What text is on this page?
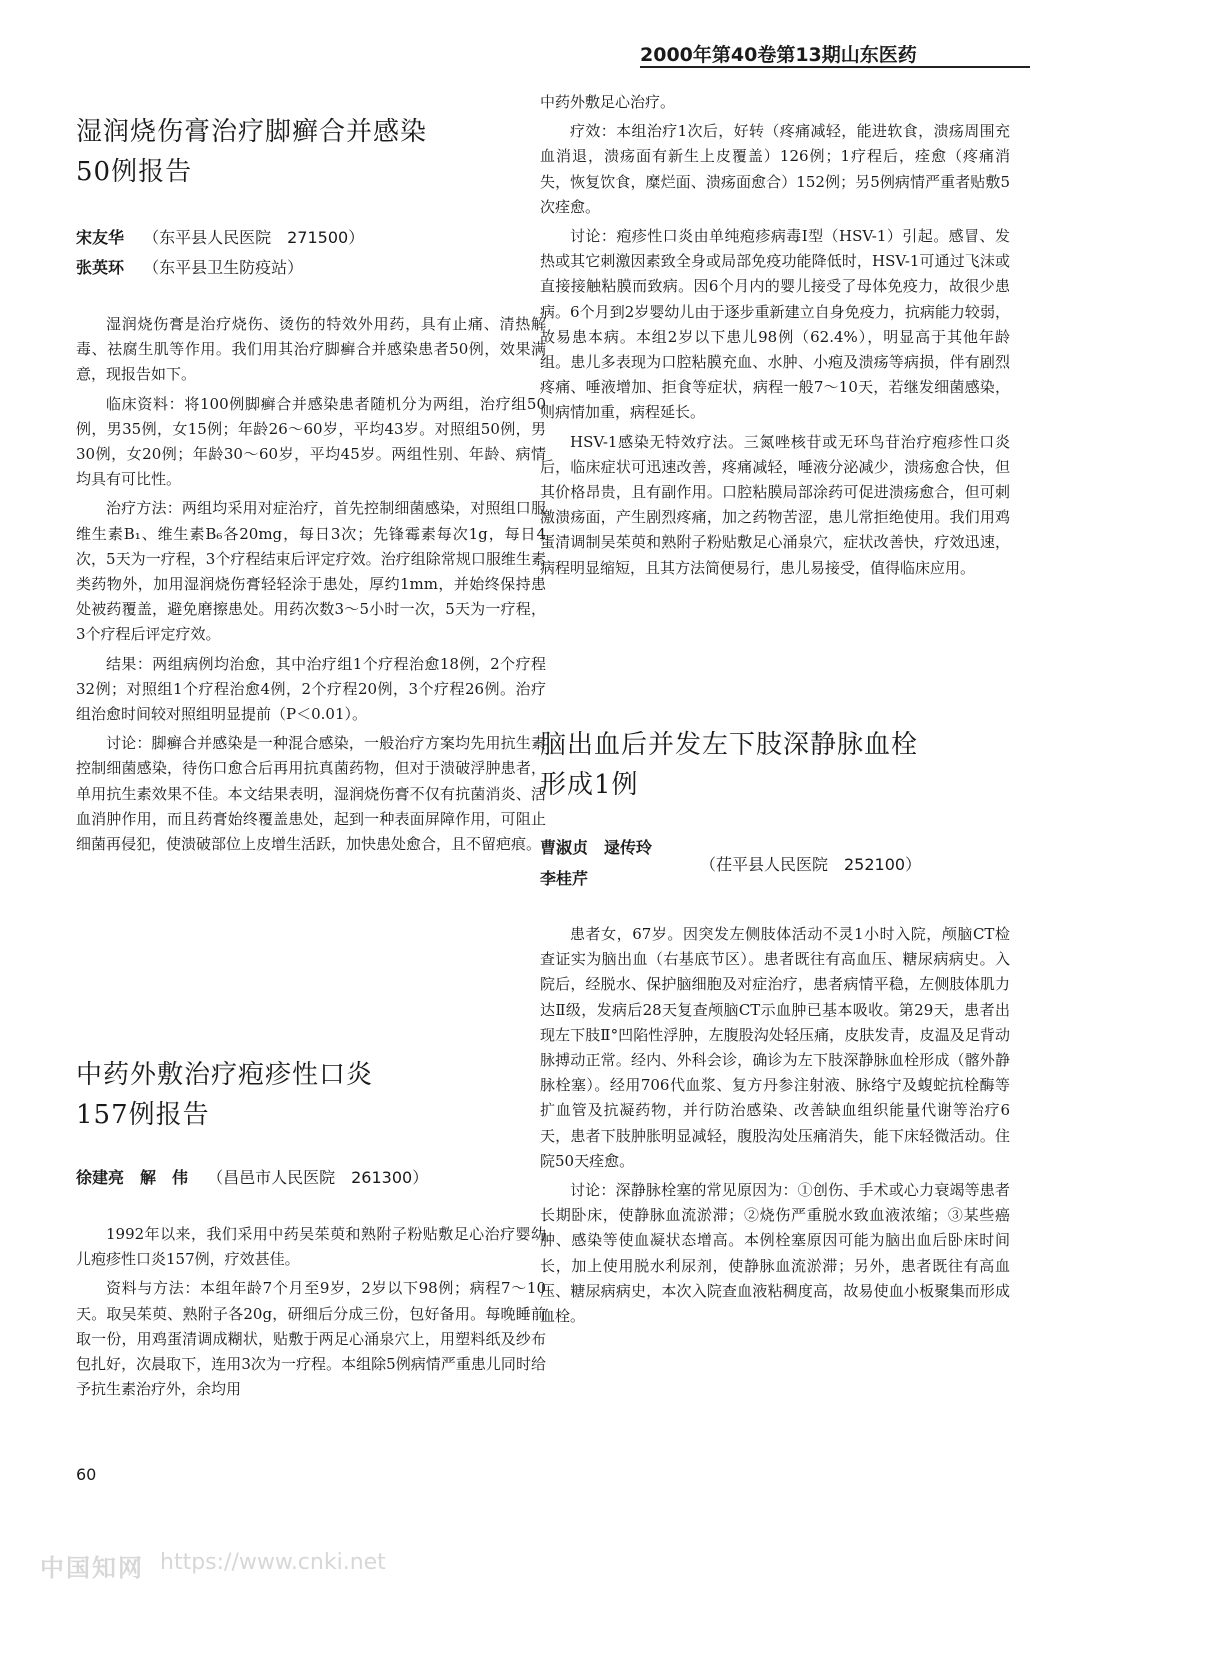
2000年第40卷第13期山东医药
湿润烧伤膏治疗脚癣合并感染
50例报告
宋友华 （东平县人民医院　271500）
张英环 （东平县卫生防疫站）

湿润烧伤膏是治疗烧伤、烫伤的特效外用药，具有止痛、清热解毒、祛腐生肌等作用。我们用其治疗脚癣合并感染患者50例，效果满意，现报告如下。

临床资料：将100例脚癣合并感染患者随机分为两组，治疗组50例，男35例，女15例；年龄26～60岁，平均43岁。对照组50例，男30例，女20例；年龄30～60岁，平均45岁。两组性别、年龄、病情均具有可比性。

治疗方法：两组均采用对症治疗，首先控制细菌感染，对照组口服维生素B₁、维生素B₆各20mg，每日3次；先锋霉素每次1g，每日4次，5天为一疗程，3个疗程结束后评定疗效。治疗组除常规口服维生素类药物外，加用湿润烧伤膏轻轻涂于患处，厚约1mm，并始终保持患处被药覆盖，避免磨擦患处。用药次数3～5小时一次，5天为一疗程，3个疗程后评定疗效。

结果：两组病例均治愈，其中治疗组1个疗程治愈18例，2个疗程32例；对照组1个疗程治愈4例，2个疗程20例，3个疗程26例。治疗组治愈时间较对照组明显提前（P＜0.01）。

讨论：脚癣合并感染是一种混合感染，一般治疗方案均先用抗生素控制细菌感染，待伤口愈合后再用抗真菌药物，但对于溃破浮肿患者，单用抗生素效果不佳。本文结果表明，湿润烧伤膏不仅有抗菌消炎、活血消肿作用，而且药膏始终覆盖患处，起到一种表面屏障作用，可阻止细菌再侵犯，使溃破部位上皮增生活跃，加快患处愈合，且不留疤痕。

中药外敷治疗疱疹性口炎
157例报告
徐建亮　解　伟 （昌邑市人民医院　261300）

1992年以来，我们采用中药吴茱萸和熟附子粉贴敷足心治疗婴幼儿疱疹性口炎157例，疗效甚佳。

资料与方法：本组年龄7个月至9岁，2岁以下98例；病程7～10天。取吴茱萸、熟附子各20g，研细后分成三份，包好备用。每晚睡前取一份，用鸡蛋清调成糊状，贴敷于两足心涌泉穴上，用塑料纸及纱布包扎好，次晨取下，连用3次为一疗程。本组除5例病情严重患儿同时给予抗生素治疗外，余均用

60

中药外敷足心治疗。

疗效：本组治疗1次后，好转（疼痛减轻，能进软食，溃疡周围充血消退，溃疡面有新生上皮覆盖）126例；1疗程后，痊愈（疼痛消失，恢复饮食，糜烂面、溃疡面愈合）152例；另5例病情严重者贴敷5次痊愈。

讨论：疱疹性口炎由单纯疱疹病毒Ⅰ型（HSV-1）引起。感冒、发热或其它刺激因素致全身或局部免疫功能降低时，HSV-1可通过飞沫或直接接触粘膜而致病。因6个月内的婴儿接受了母体免疫力，故很少患病。6个月到2岁婴幼儿由于逐步重新建立自身免疫力，抗病能力较弱，故易患本病。本组2岁以下患儿98例（62.4%），明显高于其他年龄组。患儿多表现为口腔粘膜充血、水肿、小疱及溃疡等病损，伴有剧烈疼痛、唾液增加、拒食等症状，病程一般7～10天，若继发细菌感染，则病情加重，病程延长。

HSV-1感染无特效疗法。三氮唑核苷或无环鸟苷治疗疱疹性口炎后，临床症状可迅速改善，疼痛减轻，唾液分泌减少，溃疡愈合快，但其价格昂贵，且有副作用。口腔粘膜局部涂药可促进溃疡愈合，但可刺激溃疡面，产生剧烈疼痛，加之药物苦涩，患儿常拒绝使用。我们用鸡蛋清调制吴茱萸和熟附子粉贴敷足心涌泉穴，症状改善快，疗效迅速，病程明显缩短，且其方法简便易行，患儿易接受，值得临床应用。

脑出血后并发左下肢深静脉血栓
形成1例
曹淑贞　逯传玲
（茌平县人民医院　252100）
李桂芹

患者女，67岁。因突发左侧肢体活动不灵1小时入院，颅脑CT检查证实为脑出血（右基底节区）。患者既往有高血压、糖尿病病史。入院后，经脱水、保护脑细胞及对症治疗，患者病情平稳，左侧肢体肌力达Ⅱ级，发病后28天复查颅脑CT示血肿已基本吸收。第29天，患者出现左下肢Ⅱ°凹陷性浮肿，左腹股沟处轻压痛，皮肤发青，皮温及足背动脉搏动正常。经内、外科会诊，确诊为左下肢深静脉血栓形成（髂外静脉栓塞）。经用706代血浆、复方丹参注射液、脉络宁及蝮蛇抗栓酶等扩血管及抗凝药物，并行防治感染、改善缺血组织能量代谢等治疗6天，患者下肢肿胀明显减轻，腹股沟处压痛消失，能下床轻微活动。住院50天痊愈。

讨论：深静脉栓塞的常见原因为：①创伤、手术或心力衰竭等患者长期卧床，使静脉血流淤滞；②烧伤严重脱水致血液浓缩；③某些癌肿、感染等使血凝状态增高。本例栓塞原因可能为脑出血后卧床时间长，加上使用脱水利尿剂，使静脉血流淤滞；另外，患者既往有高血压、糖尿病病史，本次入院查血液粘稠度高，故易使血小板聚集而形成血栓。

中国知网 https://www.cnki.net
